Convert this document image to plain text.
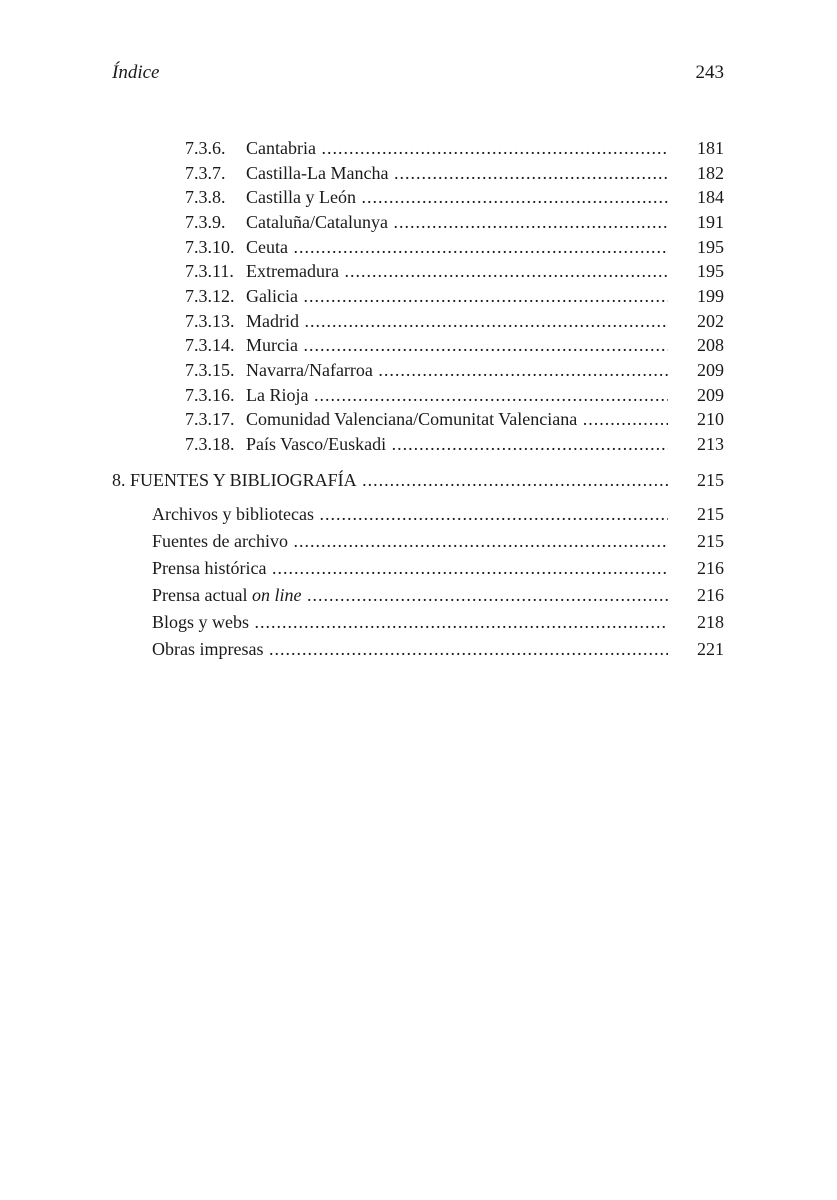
Índice	243
7.3.6. Cantabria .....	181
7.3.7. Castilla-La Mancha .....	182
7.3.8. Castilla y León .....	184
7.3.9. Cataluña/Catalunya .....	191
7.3.10. Ceuta .....	195
7.3.11. Extremadura .....	195
7.3.12. Galicia .....	199
7.3.13. Madrid .....	202
7.3.14. Murcia .....	208
7.3.15. Navarra/Nafarroa .....	209
7.3.16. La Rioja .....	209
7.3.17. Comunidad Valenciana/Comunitat Valenciana .....	210
7.3.18. País Vasco/Euskadi .....	213
8. FUENTES Y BIBLIOGRAFÍA .....	215
Archivos y bibliotecas .....	215
Fuentes de archivo .....	215
Prensa histórica .....	216
Prensa actual on line .....	216
Blogs y webs .....	218
Obras impresas .....	221
